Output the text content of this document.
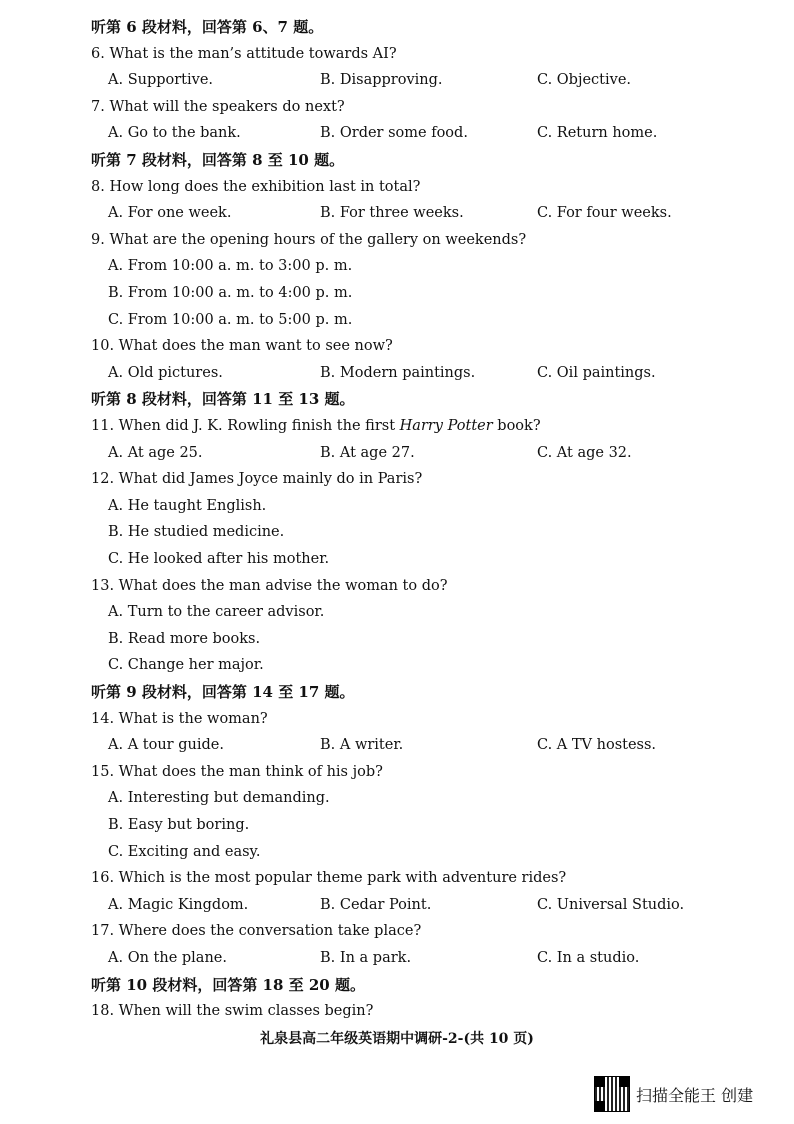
听第 6 段材料，回答第 6、7 题。
6. What is the man’s attitude towards AI?
A. Supportive.	B. Disapproving.	C. Objective.
7. What will the speakers do next?
A. Go to the bank.	B. Order some food.	C. Return home.
听第 7 段材料，回答第 8 至 10 题。
8. How long does the exhibition last in total?
A. For one week.	B. For three weeks.	C. For four weeks.
9. What are the opening hours of the gallery on weekends?
A. From 10:00 a. m. to 3:00 p. m.
B. From 10:00 a. m. to 4:00 p. m.
C. From 10:00 a. m. to 5:00 p. m.
10. What does the man want to see now?
A. Old pictures.	B. Modern paintings.	C. Oil paintings.
听第 8 段材料，回答第 11 至 13 题。
11. When did J. K. Rowling finish the first Harry Potter book?
A. At age 25.	B. At age 27.	C. At age 32.
12. What did James Joyce mainly do in Paris?
A. He taught English.
B. He studied medicine.
C. He looked after his mother.
13. What does the man advise the woman to do?
A. Turn to the career advisor.
B. Read more books.
C. Change her major.
听第 9 段材料，回答第 14 至 17 题。
14. What is the woman?
A. A tour guide.	B. A writer.	C. A TV hostess.
15. What does the man think of his job?
A. Interesting but demanding.
B. Easy but boring.
C. Exciting and easy.
16. Which is the most popular theme park with adventure rides?
A. Magic Kingdom.	B. Cedar Point.	C. Universal Studio.
17. Where does the conversation take place?
A. On the plane.	B. In a park.	C. In a studio.
听第 10 段材料，回答第 18 至 20 题。
18. When will the swim classes begin?
礼泉县高二年级英语期中调研-2-(共 10 页)
扫描全能王 创建
